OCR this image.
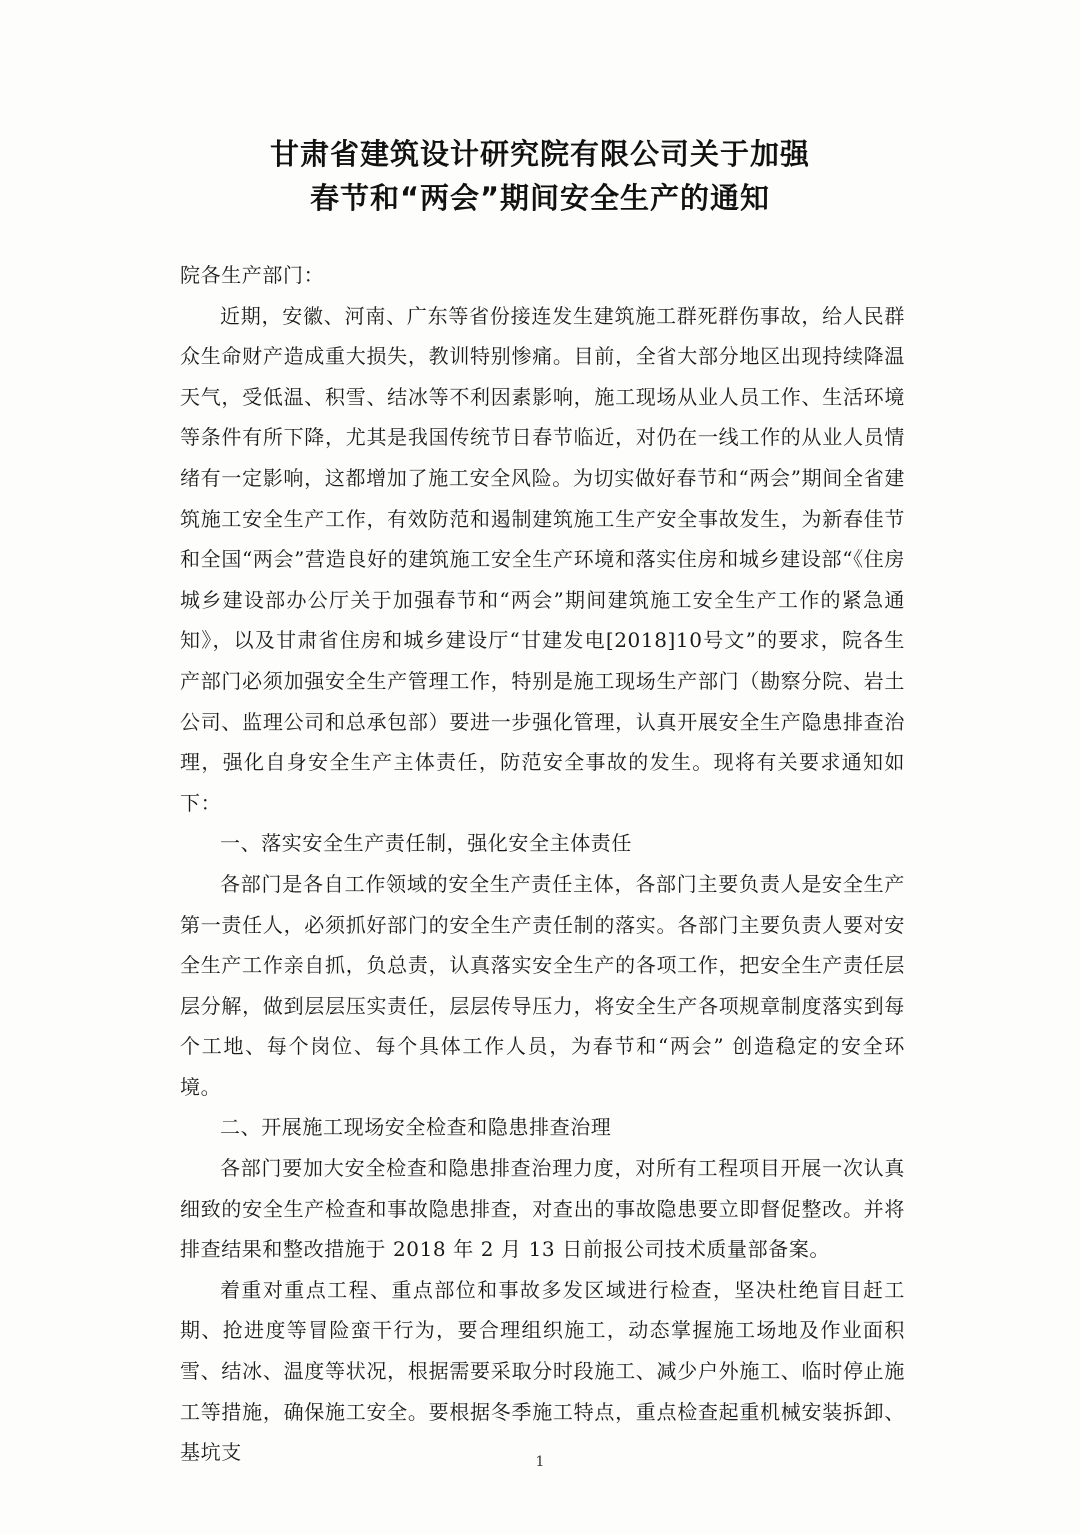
甘肃省建筑设计研究院有限公司关于加强
春节和“两会”期间安全生产的通知

院各生产部门：

近期，安徽、河南、广东等省份接连发生建筑施工群死群伤事故，给人民群众生命财产造成重大损失，教训特别惨痛。目前，全省大部分地区出现持续降温天气，受低温、积雪、结冰等不利因素影响，施工现场从业人员工作、生活环境等条件有所下降，尤其是我国传统节日春节临近，对仍在一线工作的从业人员情绪有一定影响，这都增加了施工安全风险。为切实做好春节和“两会”期间全省建筑施工安全生产工作，有效防范和遏制建筑施工生产安全事故发生，为新春佳节和全国“两会”营造良好的建筑施工安全生产环境和落实住房和城乡建设部“《住房城乡建设部办公厅关于加强春节和“两会”期间建筑施工安全生产工作的紧急通知》，以及甘肃省住房和城乡建设厅“甘建发电[2018]10号文”的要求，院各生产部门必须加强安全生产管理工作，特别是施工现场生产部门（勘察分院、岩土公司、监理公司和总承包部）要进一步强化管理，认真开展安全生产隐患排查治理，强化自身安全生产主体责任，防范安全事故的发生。现将有关要求通知如下：

一、落实安全生产责任制，强化安全主体责任

各部门是各自工作领域的安全生产责任主体，各部门主要负责人是安全生产第一责任人，必须抓好部门的安全生产责任制的落实。各部门主要负责人要对安全生产工作亲自抓，负总责，认真落实安全生产的各项工作，把安全生产责任层层分解，做到层层压实责任，层层传导压力，将安全生产各项规章制度落实到每个工地、每个岗位、每个具体工作人员，为春节和“两会” 创造稳定的安全环境。

二、开展施工现场安全检查和隐患排查治理

各部门要加大安全检查和隐患排查治理力度，对所有工程项目开展一次认真细致的安全生产检查和事故隐患排查，对查出的事故隐患要立即督促整改。并将排查结果和整改措施于 2018 年 2 月 13 日前报公司技术质量部备案。

着重对重点工程、重点部位和事故多发区域进行检查，坚决杜绝盲目赶工期、抢进度等冒险蛮干行为，要合理组织施工，动态掌握施工场地及作业面积雪、结冰、温度等状况，根据需要采取分时段施工、减少户外施工、临时停止施工等措施，确保施工安全。要根据冬季施工特点，重点检查起重机械安装拆卸、基坑支	1
